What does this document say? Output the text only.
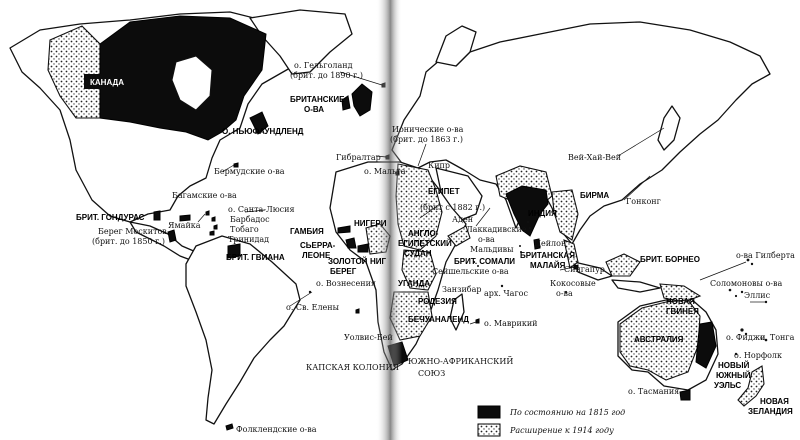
КАНАДА
о. Гельголанд
(брит. до 1890 г.)
БРИТАНСКИЕ
О-ВА
О. НЬЮФАУНДЛЕНД	Ионические о-ва
(брит. до 1863 г.)
Гибралтар
о. Мальта
Кипр
Вей-Хай-Вей
Бермудские о-ва
Багамские о-ва	ЕГИПЕТ
(брит с 1882 г.)
БИРМА
ИНДИЯ
Гонконг
о. Санта-Люсия
Барбадос
Тобаго
Тринидад
Ямайка
БРИТ. ГОНДУРАС
Берег Москитов
(брит. до 1850 г.)
БРИТ. ГВИАНА
ГАМБИЯ
СЬЕРРА-
ЛЕОНЕ
ЗОЛОТОЙ
БЕРЕГ
НИГЕРИ
НИГ
АНГЛО-
ЕГИПЕТСКИЙ
СУДАН
Аден
Лаккадивские
о-ва
Мальдивы
Цейлон
БРИТ. СОМАЛИ
БРИТАНСКАЯ
МАЛАЙЯ
Сингапур
БРИТ. БОРНЕО	о-ва Гилберта
Сейшельские о-ва
о. Вознесения	УГАНДА
Занзибар арх. Чагос
Кокосовые
о-ва
Соломоновы о-ва
Эллис
о. Св. Елены
РОДЕЗИЯ
БЕЧУАНАЛЕНД о. Маврикий
НОВАЯ
ГВИНЕЯ
Уолвис-Бей	АВСТРАЛИЯ	о. Фиджи
о. Тонга
КАПСКАЯ КОЛОНИЯ
ЮЖНО-АФРИКАНСКИЙ
СОЮЗ
о. Норфолк
НОВЫЙ
ЮЖНЫЙ
УЭЛЬС
о. Тасмания
НОВАЯ
ЗЕЛАНДИЯ
Фолклендские о-ва
По состоянию на 1815 год
Расширение к 1914 году
